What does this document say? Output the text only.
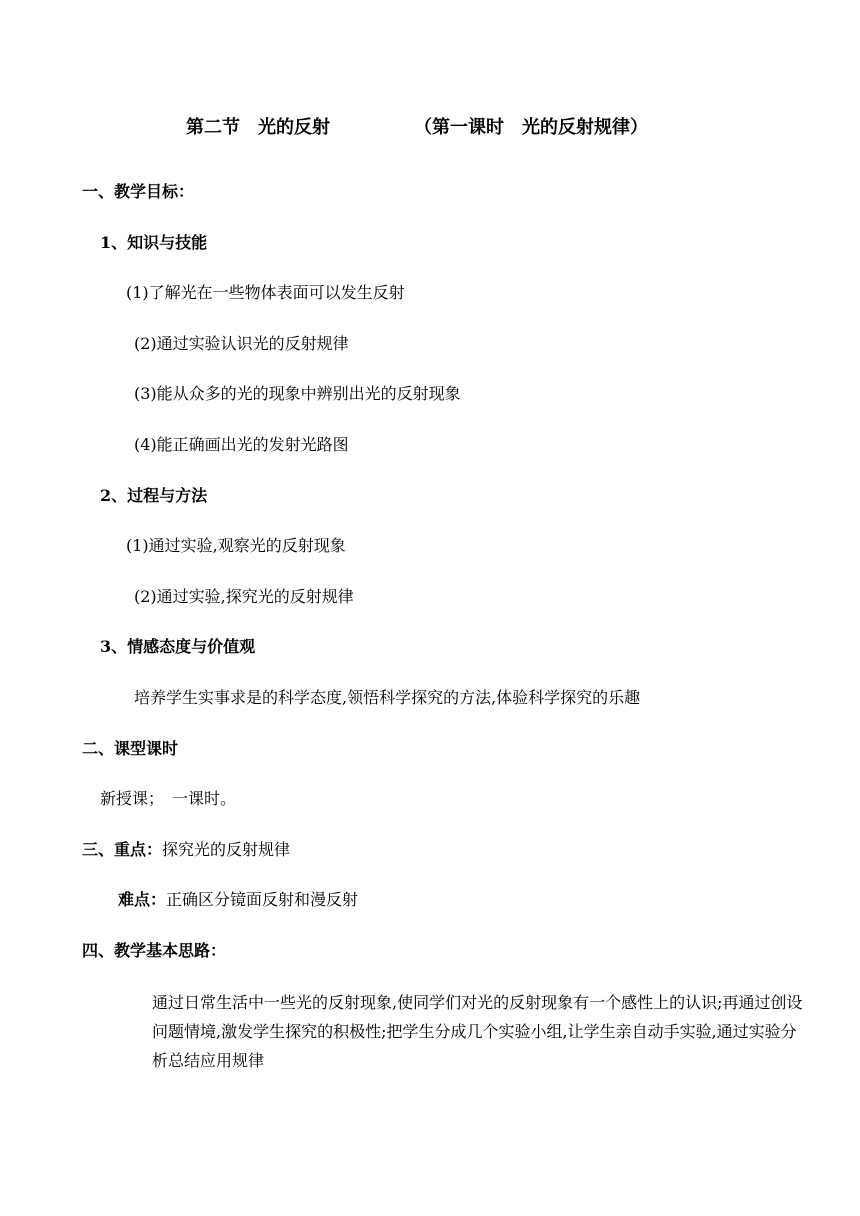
第二节　光的反射	（第一课时　光的反射规律）
一、教学目标：
1、知识与技能
(1)了解光在一些物体表面可以发生反射
(2)通过实验认识光的反射规律
(3)能从众多的光的现象中辨别出光的反射现象
(4)能正确画出光的发射光路图
2、过程与方法
(1)通过实验,观察光的反射现象
(2)通过实验,探究光的反射规律
3、情感态度与价值观
培养学生实事求是的科学态度,领悟科学探究的方法,体验科学探究的乐趣
二、课型课时
新授课；　一课时。
三、重点：探究光的反射规律
难点：正确区分镜面反射和漫反射
四、教学基本思路：
通过日常生活中一些光的反射现象,使同学们对光的反射现象有一个感性上的认识;再通过创设问题情境,激发学生探究的积极性;把学生分成几个实验小组,让学生亲自动手实验,通过实验分析总结应用规律
